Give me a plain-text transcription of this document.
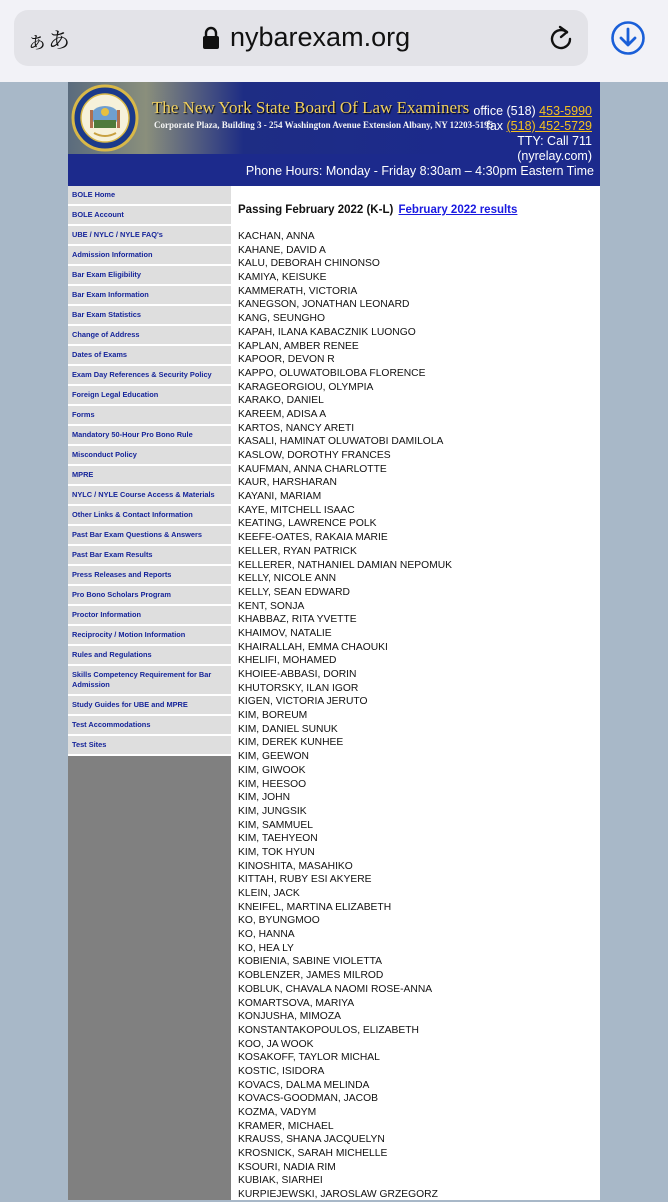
ぁあ	nybarexam.org
The New York State Board Of Law Examiners
Corporate Plaza, Building 3 - 254 Washington Avenue Extension Albany, NY 12203-5195
office (518) 453-5990
fax (518) 452-5729
TTY: Call 711
(nyrelay.com)
Phone Hours: Monday - Friday 8:30am – 4:30pm Eastern Time
BOLE Home
BOLE Account
UBE / NYLC / NYLE FAQ's
Admission Information
Bar Exam Eligibility
Bar Exam Information
Bar Exam Statistics
Change of Address
Dates of Exams
Exam Day References & Security Policy
Foreign Legal Education
Forms
Mandatory 50-Hour Pro Bono Rule
Misconduct Policy
MPRE
NYLC / NYLE Course Access & Materials
Other Links & Contact Information
Past Bar Exam Questions & Answers
Past Bar Exam Results
Press Releases and Reports
Pro Bono Scholars Program
Proctor Information
Reciprocity / Motion Information
Rules and Regulations
Skills Competency Requirement for Bar Admission
Study Guides for UBE and MPRE
Test Accommodations
Test Sites
Passing February 2022 (K-L) February 2022 results
KACHAN, ANNA
KAHANE, DAVID A
KALU, DEBORAH CHINONSO
KAMIYA, KEISUKE
KAMMERATH, VICTORIA
KANEGSON, JONATHAN LEONARD
KANG, SEUNGHO
KAPAH, ILANA KABACZNIK LUONGO
KAPLAN, AMBER RENEE
KAPOOR, DEVON R
KAPPO, OLUWATOBILOBA FLORENCE
KARAGEORGIOU, OLYMPIA
KARAKO, DANIEL
KAREEM, ADISA A
KARTOS, NANCY ARETI
KASALI, HAMINAT OLUWATOBI DAMILOLA
KASLOW, DOROTHY FRANCES
KAUFMAN, ANNA CHARLOTTE
KAUR, HARSHARAN
KAYANI, MARIAM
KAYE, MITCHELL ISAAC
KEATING, LAWRENCE POLK
KEEFE-OATES, RAKAIA MARIE
KELLER, RYAN PATRICK
KELLERER, NATHANIEL DAMIAN NEPOMUK
KELLY, NICOLE ANN
KELLY, SEAN EDWARD
KENT, SONJA
KHABBAZ, RITA YVETTE
KHAIMOV, NATALIE
KHAIRALLAH, EMMA CHAOUKI
KHELIFI, MOHAMED
KHOIEE-ABBASI, DORIN
KHUTORSKY, ILAN IGOR
KIGEN, VICTORIA JERUTO
KIM, BOREUM
KIM, DANIEL SUNUK
KIM, DEREK KUNHEE
KIM, GEEWON
KIM, GIWOOK
KIM, HEESOO
KIM, JOHN
KIM, JUNGSIK
KIM, SAMMUEL
KIM, TAEHYEON
KIM, TOK HYUN
KINOSHITA, MASAHIKO
KITTAH, RUBY ESI AKYERE
KLEIN, JACK
KNEIFEL, MARTINA ELIZABETH
KO, BYUNGMOO
KO, HANNA
KO, HEA LY
KOBIENIA, SABINE VIOLETTA
KOBLENZER, JAMES MILROD
KOBLUK, CHAVALA NAOMI ROSE-ANNA
KOMARTSOVA, MARIYA
KONJUSHA, MIMOZA
KONSTANTAKOPOULOS, ELIZABETH
KOO, JA WOOK
KOSAKOFF, TAYLOR MICHAL
KOSTIC, ISIDORA
KOVACS, DALMA MELINDA
KOVACS-GOODMAN, JACOB
KOZMA, VADYM
KRAMER, MICHAEL
KRAUSS, SHANA JACQUELYN
KROSNICK, SARAH MICHELLE
KSOURI, NADIA RIM
KUBIAK, SIARHEI
KURPIEJEWSKI, JAROSLAW GRZEGORZ
